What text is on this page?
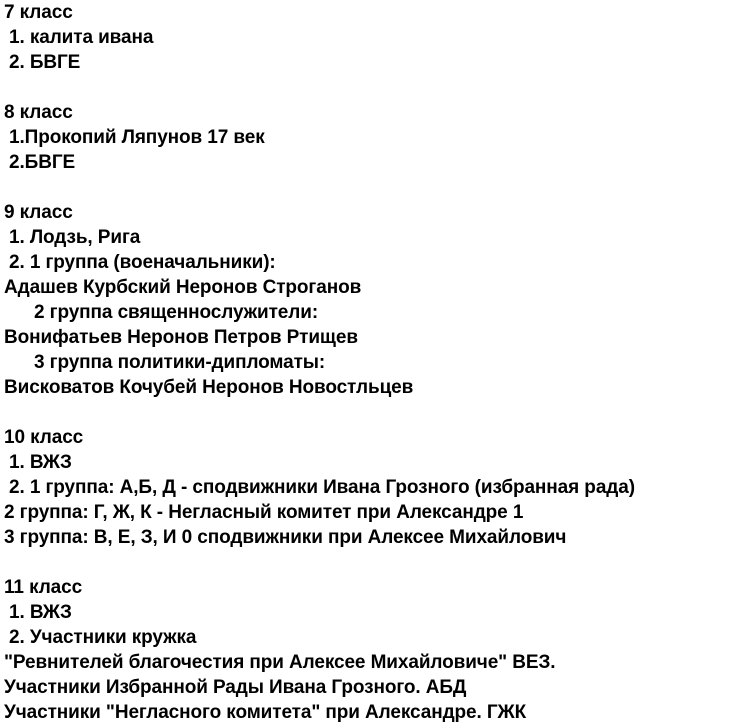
7 класс
1. калита ивана
2. БВГЕ
8 класс
1.Прокопий Ляпунов 17 век
2.БВГЕ
9 класс
1. Лодзь, Рига
2. 1 группа (военачальники):
Адашев Курбский Неронов Строганов
2 группа священнослужители:
Вонифатьев Неронов Петров Ртищев
3 группа политики-дипломаты:
Висковатов Кочубей Неронов Новостльцев
10 класс
1. ВЖЗ
2. 1 группа: А,Б, Д - сподвижники Ивана Грозного (избранная рада)
2 группа: Г, Ж, К - Негласный комитет при Александре 1
3 группа: В, Е, З, И 0 сподвижники при Алексее Михайлович
11 класс
1. ВЖЗ
2. Участники кружка
"Ревнителей благочестия при Алексее Михайловиче" ВЕЗ.
Участники Избранной Рады Ивана Грозного. АБД
Участники "Негласного комитета" при Александре. ГЖК
